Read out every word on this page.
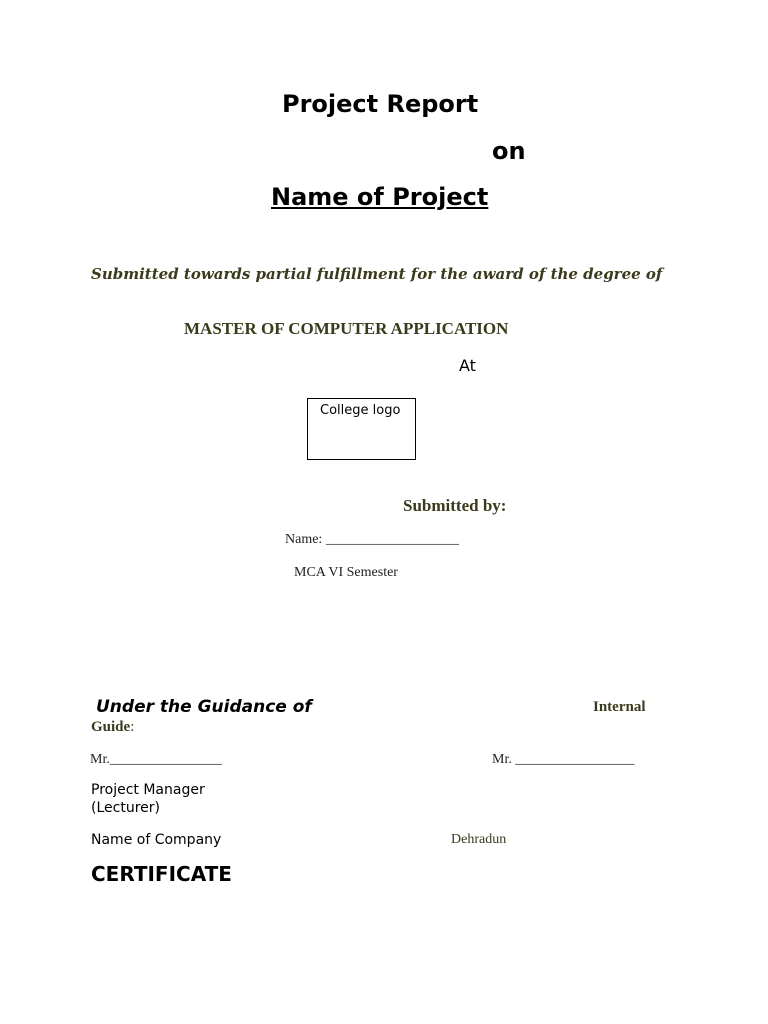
Project Report
on
Name of Project
Submitted towards partial fulfillment for the award of the degree of
MASTER OF COMPUTER APPLICATION
At
College logo
Submitted by:
Name: ___________________
MCA VI Semester
Under the Guidance of	Internal
Guide:
Mr.________________	Mr. _________________
Project Manager
(Lecturer)
Name of Company	Dehradun
CERTIFICATE
